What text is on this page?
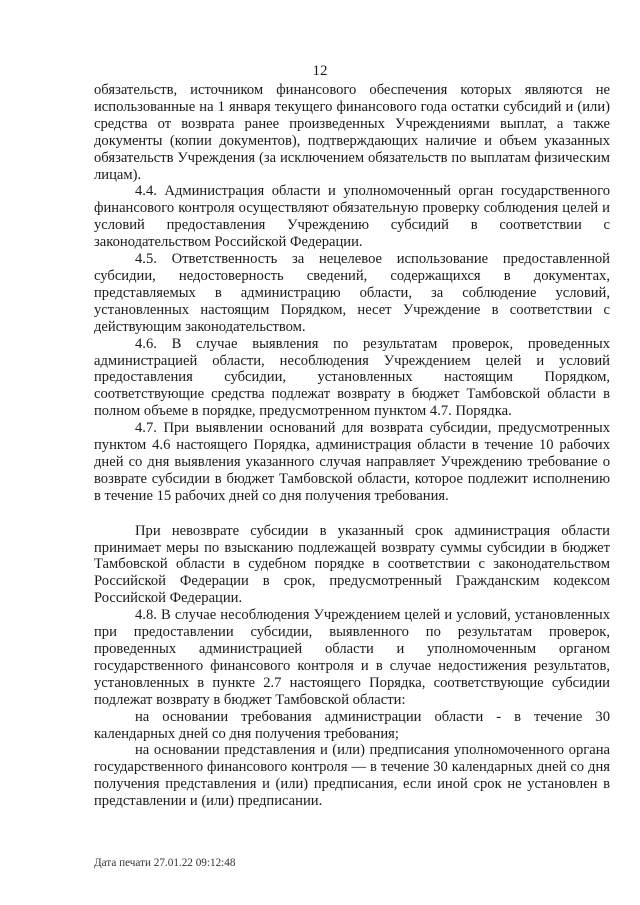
12

обязательств, источником финансового обеспечения которых являются не использованные на 1 января текущего финансового года остатки субсидий и (или) средства от возврата ранее произведенных Учреждениями выплат, а также документы (копии документов), подтверждающих наличие и объем указанных обязательств Учреждения (за исключением обязательств по выплатам физическим лицам).

4.4. Администрация области и уполномоченный орган государственного финансового контроля осуществляют обязательную проверку соблюдения целей и условий предоставления Учреждению субсидий в соответствии с законодательством Российской Федерации.

4.5. Ответственность за нецелевое использование предоставленной субсидии, недостоверность сведений, содержащихся в документах, представляемых в администрацию области, за соблюдение условий, установленных настоящим Порядком, несет Учреждение в соответствии с действующим законодательством.

4.6. В случае выявления по результатам проверок, проведенных администрацией области, несоблюдения Учреждением целей и условий предоставления субсидии, установленных настоящим Порядком, соответствующие средства подлежат возврату в бюджет Тамбовской области в полном объеме в порядке, предусмотренном пунктом 4.7. Порядка.

4.7. При выявлении оснований для возврата субсидии, предусмотренных пунктом 4.6 настоящего Порядка, администрация области в течение 10 рабочих дней со дня выявления указанного случая направляет Учреждению требование о возврате субсидии в бюджет Тамбовской области, которое подлежит исполнению в течение 15 рабочих дней со дня получения требования.

При невозврате субсидии в указанный срок администрация области принимает меры по взысканию подлежащей возврату суммы субсидии в бюджет Тамбовской области в судебном порядке в соответствии с законодательством Российской Федерации в срок, предусмотренный Гражданским кодексом Российской Федерации.

4.8. В случае несоблюдения Учреждением целей и условий, установленных при предоставлении субсидии, выявленного по результатам проверок, проведенных администрацией области и уполномоченным органом государственного финансового контроля и в случае недостижения результатов, установленных в пункте 2.7 настоящего Порядка, соответствующие субсидии подлежат возврату в бюджет Тамбовской области:

на основании требования администрации области - в течение 30 календарных дней со дня получения требования;

на основании представления и (или) предписания уполномоченного органа государственного финансового контроля — в течение 30 календарных дней со дня получения представления и (или) предписания, если иной срок не установлен в представлении и (или) предписании.

Дата печати 27.01.22 09:12:48
